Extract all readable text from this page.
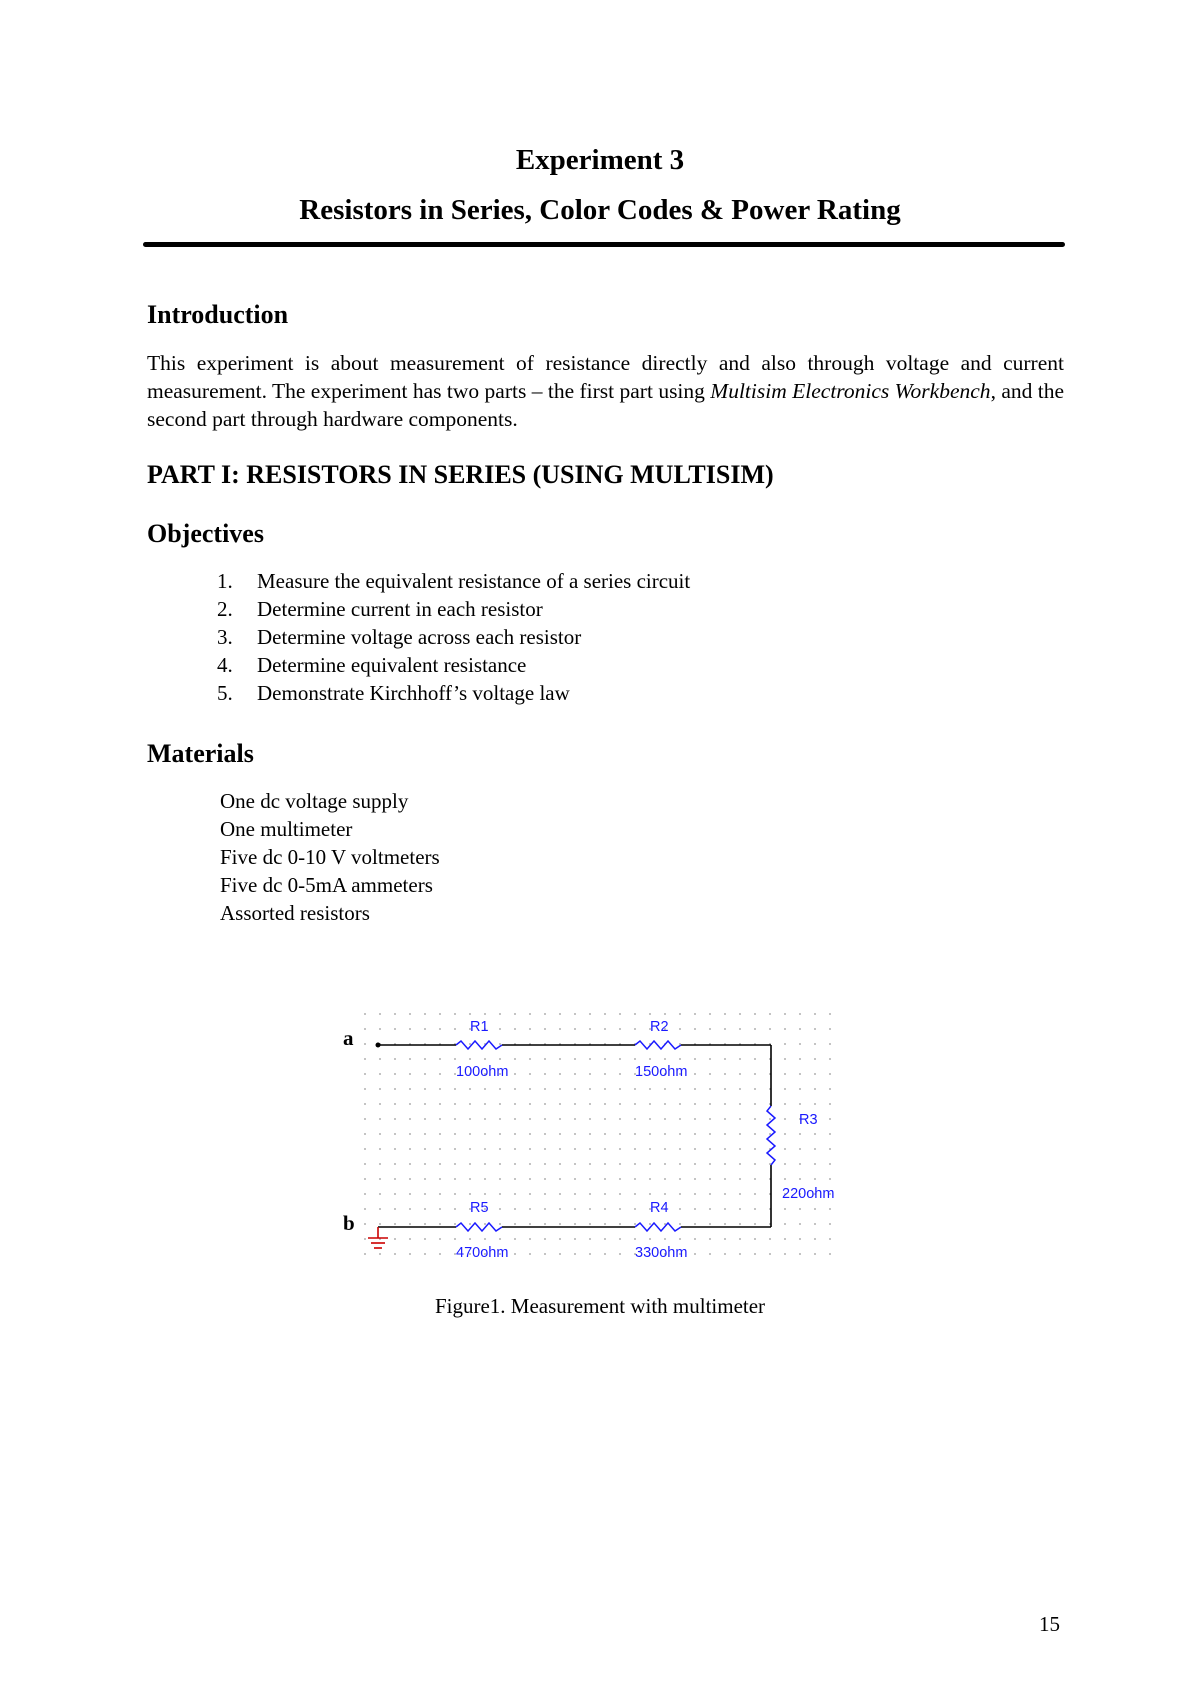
Experiment 3
Resistors in Series, Color Codes & Power Rating
Introduction
This experiment is about measurement of resistance directly and also through voltage and current measurement. The experiment has two parts – the first part using Multisim Electronics Workbench, and the second part through hardware components.
PART I: RESISTORS IN SERIES (USING MULTISIM)
Objectives
1. Measure the equivalent resistance of a series circuit
2. Determine current in each resistor
3. Determine voltage across each resistor
4. Determine equivalent resistance
5. Demonstrate Kirchhoff’s voltage law
Materials
One dc voltage supply
One multimeter
Five dc 0-10 V voltmeters
Five dc 0-5mA ammeters
Assorted resistors
a
b
R1
100ohm
R2
150ohm
R3
220ohm
R4
330ohm
R5
470ohm
Figure1. Measurement with multimeter
15
